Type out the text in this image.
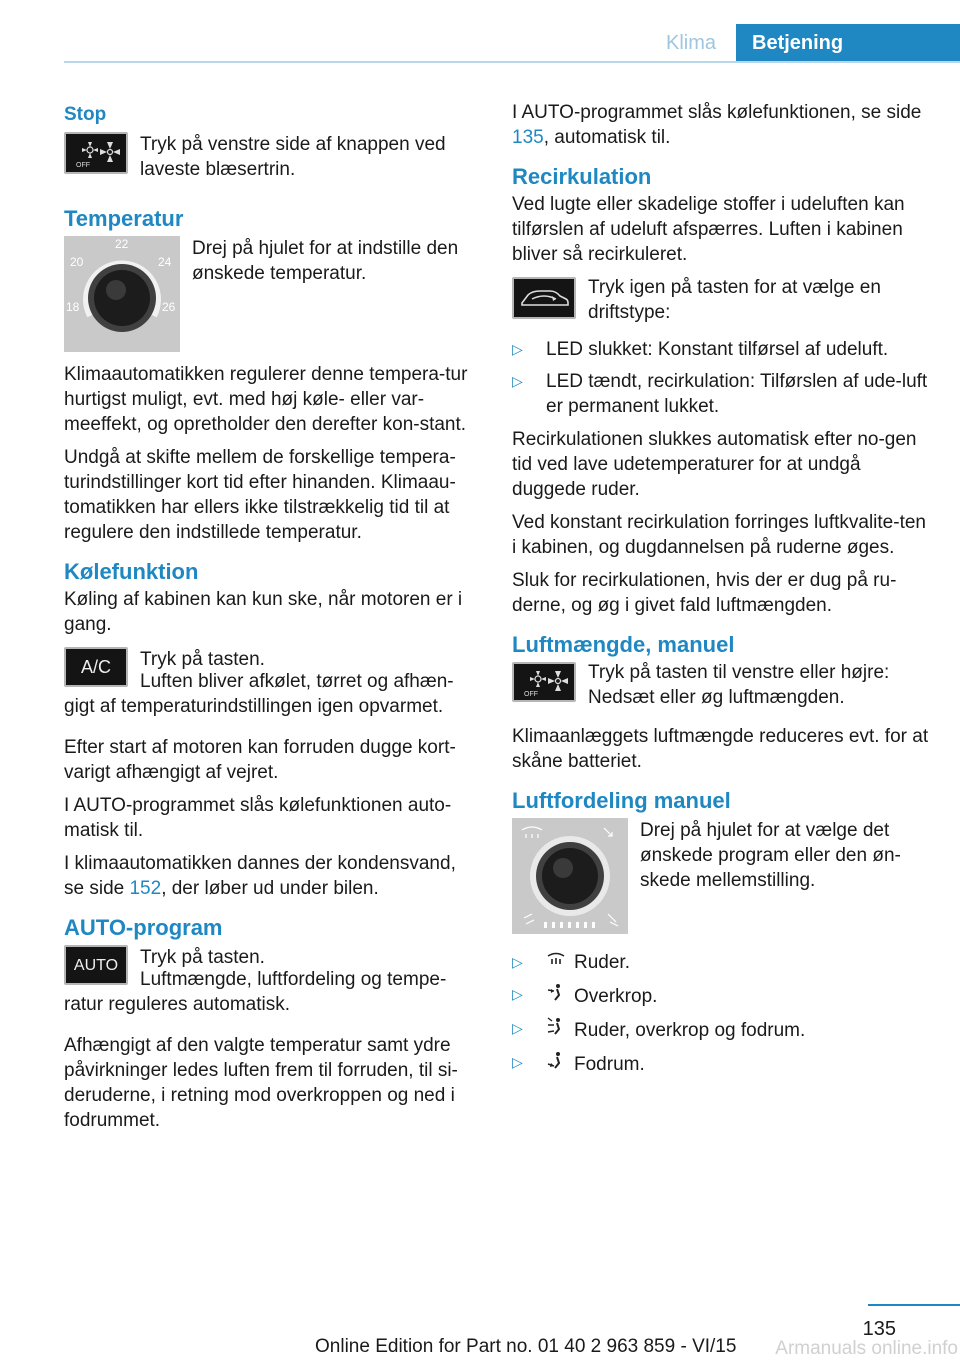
Klima	Betjening
Stop
OFF
Tryk på venstre side af knappen ved laveste blæsertrin.
Temperatur
22
20	24
18	26
Drej på hjulet for at indstille den ønskede temperatur.

Klimaautomatikken regulerer denne tempera-tur hurtigst muligt, evt. med høj køle- eller var-meeffekt, og opretholder den derefter kon-stant.

Undgå at skifte mellem de forskellige tempera-turindstillinger kort tid efter hinanden. Klimaau-tomatikken har ellers ikke tilstrækkelig tid til at regulere den indstillede temperatur.

Kølefunktion

Køling af kabinen kan kun ske, når motoren er i gang.

A/C Tryk på tasten.

Luften bliver afkølet, tørret og afhæn-gigt af temperaturindstillingen igen opvarmet.

Efter start af motoren kan forruden dugge kort-varigt afhængigt af vejret.

I AUTO-programmet slås kølefunktionen auto-matisk til.

I klimaautomatikken dannes der kondensvand, se side 152, der løber ud under bilen.

AUTO-program
AUTO Tryk på tasten.

Luftmængde, luftfordeling og tempe-ratur reguleres automatisk.

Afhængigt af den valgte temperatur samt ydre påvirkninger ledes luften frem til forruden, til si-deruderne, i retning mod overkroppen og ned i fodrummet.

I AUTO-programmet slås kølefunktionen, se side 135, automatisk til.

Recirkulation

Ved lugte eller skadelige stoffer i udeluften kan tilførslen af udeluft afspærres. Luften i kabinen bliver så recirkuleret.

Tryk igen på tasten for at vælge en driftstype:
▷ LED slukket: Konstant tilførsel af udeluft.
▷ LED tændt, recirkulation: Tilførslen af ude-luft er permanent lukket.

Recirkulationen slukkes automatisk efter no-gen tid ved lave udetemperaturer for at undgå duggede ruder.

Ved konstant recirkulation forringes luftkvalite-ten i kabinen, og dugdannelsen på ruderne øges.

Sluk for recirkulationen, hvis der er dug på ru-derne, og øg i givet fald luftmængden.

Luftmængde, manuel
OFF
Tryk på tasten til venstre eller højre: Nedsæt eller øg luftmængden.

Klimaanlæggets luftmængde reduceres evt. for at skåne batteriet.

Luftfordeling manuel
Drej på hjulet for at vælge det ønskede program eller den øn-skede mellemstilling.
▷	Ruder.
▷	Overkrop.
▷	Ruder, overkrop og fodrum.
▷	Fodrum.
135
Online Edition for Part no. 01 40 2 963 859 - VI/15 Armanuals online.info
